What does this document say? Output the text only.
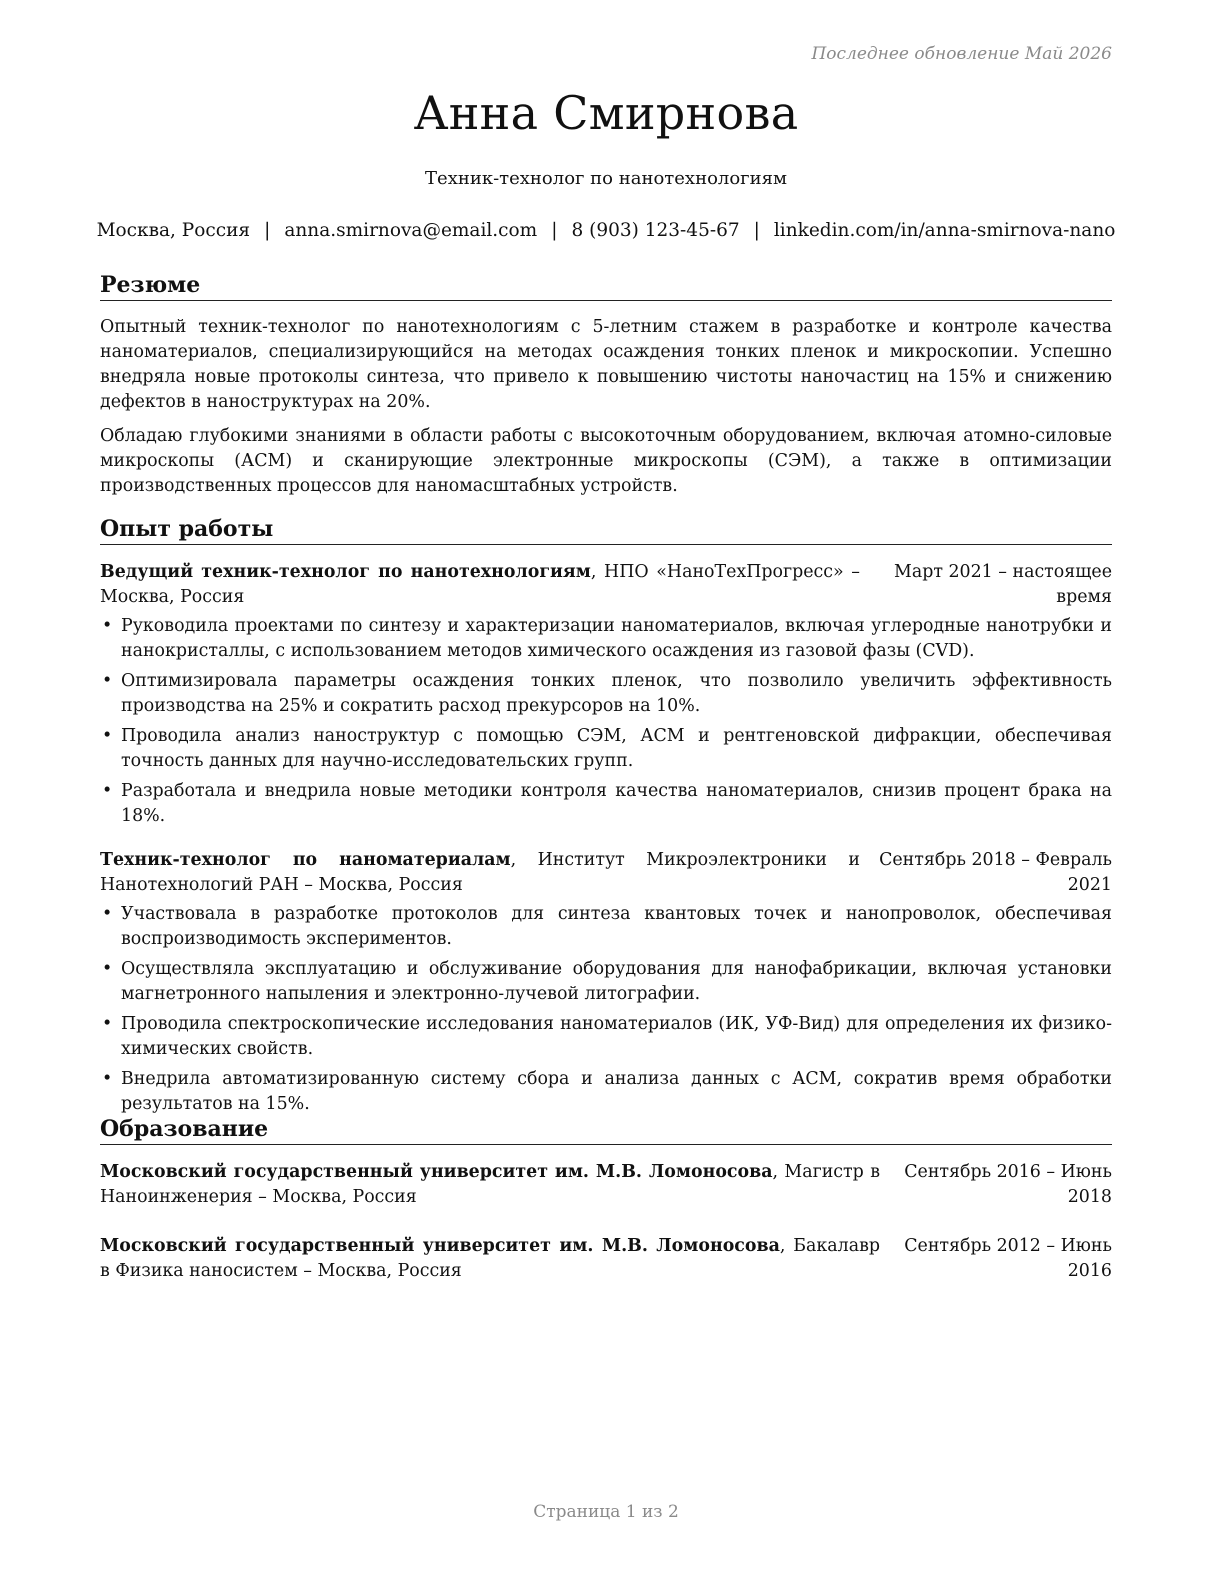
Последнее обновление Май 2026
Анна Смирнова
Техник-технолог по нанотехнологиям
Москва, Россия | anna.smirnova@email.com | 8 (903) 123-45-67 | linkedin.com/in/anna-smirnova-nano
Резюме

Опытный техник-технолог по нанотехнологиям с 5-летним стажем в разработке и контроле качества наноматериалов, специализирующийся на методах осаждения тонких пленок и микроскопии. Успешно внедряла новые протоколы синтеза, что привело к повышению чистоты наночастиц на 15% и снижению дефектов в наноструктурах на 20%.

Обладаю глубокими знаниями в области работы с высокоточным оборудованием, включая атомно-силовые микроскопы (АСМ) и сканирующие электронные микроскопы (СЭМ), а также в оптимизации производственных процессов для наномасштабных устройств.

Опыт работы
Ведущий техник-технолог по нанотехнологиям, НПО «НаноТехПрогресс» – Москва, Россия
Март 2021 – настоящее
время
• Руководила проектами по синтезу и характеризации наноматериалов, включая углеродные нанотрубки и нанокристаллы, с использованием методов химического осаждения из газовой фазы (CVD).
• Оптимизировала параметры осаждения тонких пленок, что позволило увеличить эффективность производства на 25% и сократить расход прекурсоров на 10%.
• Проводила анализ наноструктур с помощью СЭМ, АСМ и рентгеновской дифракции, обеспечивая точность данных для научно-исследовательских групп.
• Разработала и внедрила новые методики контроля качества наноматериалов, снизив процент брака на 18%.
Техник-технолог по наноматериалам, Институт Микроэлектроники и Нанотехнологий РАН – Москва, Россия
Сентябрь 2018 – Февраль
2021
• Участвовала в разработке протоколов для синтеза квантовых точек и нанопроволок, обеспечивая воспроизводимость экспериментов.
• Осуществляла эксплуатацию и обслуживание оборудования для нанофабрикации, включая установки магнетронного напыления и электронно-лучевой литографии.
• Проводила спектроскопические исследования наноматериалов (ИК, УФ-Вид) для определения их физико-химических свойств.
• Внедрила автоматизированную систему сбора и анализа данных с АСМ, сократив время обработки результатов на 15%.
Образование
Московский государственный университет им. М.В. Ломоносова, Магистр в Наноинженерия – Москва, Россия
Сентябрь 2016 – Июнь
2018
Московский государственный университет им. М.В. Ломоносова, Бакалавр в Физика наносистем – Москва, Россия
Сентябрь 2012 – Июнь
2016
Страница 1 из 2
